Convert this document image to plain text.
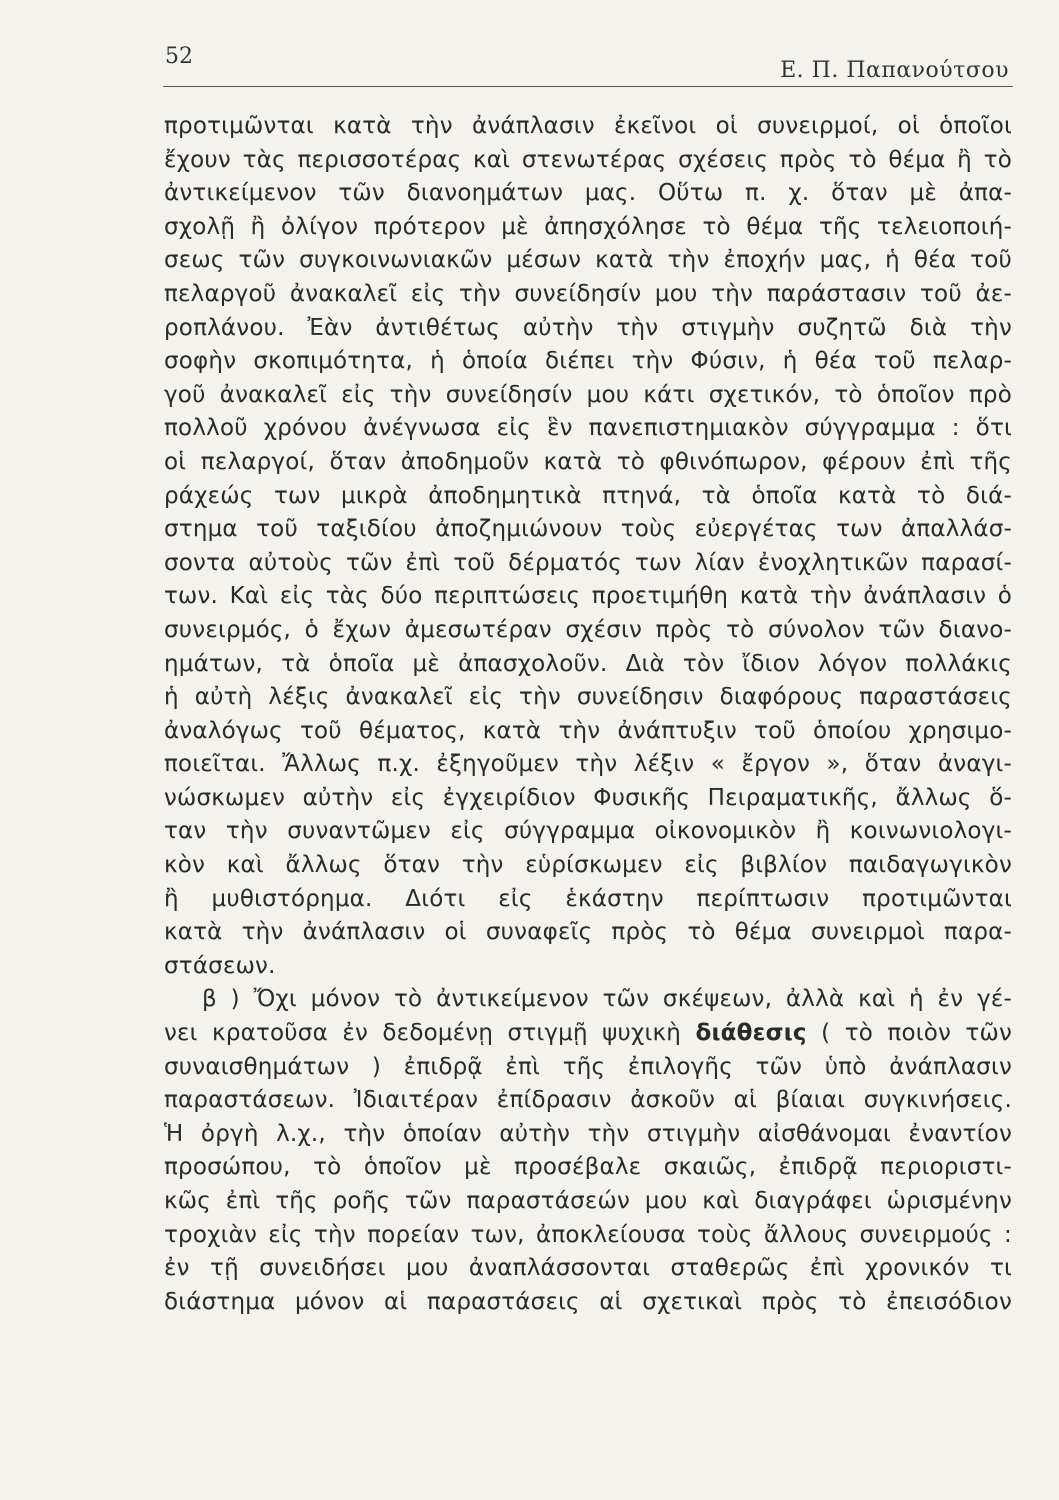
52
Ε. Π. Παπανούτσου
προτιμῶνται κατὰ τὴν ἀνάπλασιν ἐκεῖνοι οἱ συνειρμοί, οἱ ὁποῖοι
ἔχουν τὰς περισσοτέρας καὶ στενωτέρας σχέσεις πρὸς τὸ θέμα ἢ τὸ
ἀντικείμενον τῶν διανοημάτων μας. Οὕτω π. χ. ὅταν μὲ ἀπα-
σχολῇ ἢ ὀλίγον πρότερον μὲ ἀπησχόλησε τὸ θέμα τῆς τελειοποιή-
σεως τῶν συγκοινωνιακῶν μέσων κατὰ τὴν ἐποχήν μας, ἡ θέα τοῦ
πελαργοῦ ἀνακαλεῖ εἰς τὴν συνείδησίν μου τὴν παράστασιν τοῦ ἀε-
ροπλάνου. Ἐὰν ἀντιθέτως αὐτὴν τὴν στιγμὴν συζητῶ διὰ τὴν
σοφὴν σκοπιμότητα, ἡ ὁποία διέπει τὴν Φύσιν, ἡ θέα τοῦ πελαρ-
γοῦ ἀνακαλεῖ εἰς τὴν συνείδησίν μου κάτι σχετικόν, τὸ ὁποῖον πρὸ
πολλοῦ χρόνου ἀνέγνωσα εἰς ἓν πανεπιστημιακὸν σύγγραμμα : ὅτι
οἱ πελαργοί, ὅταν ἀποδημοῦν κατὰ τὸ φθινόπωρον, φέρουν ἐπὶ τῆς
ράχεώς των μικρὰ ἀποδημητικὰ πτηνά, τὰ ὁποῖα κατὰ τὸ διά-
στημα τοῦ ταξιδίου ἀποζημιώνουν τοὺς εὐεργέτας των ἀπαλλάσ-
σοντα αὐτοὺς τῶν ἐπὶ τοῦ δέρματός των λίαν ἐνοχλητικῶν παρασί-
των. Καὶ εἰς τὰς δύο περιπτώσεις προετιμήθη κατὰ τὴν ἀνάπλασιν ὁ
συνειρμός, ὁ ἔχων ἀμεσωτέραν σχέσιν πρὸς τὸ σύνολον τῶν διανο-
ημάτων, τὰ ὁποῖα μὲ ἀπασχολοῦν. Διὰ τὸν ἴδιον λόγον πολλάκις
ἡ αὐτὴ λέξις ἀνακαλεῖ εἰς τὴν συνείδησιν διαφόρους παραστάσεις
ἀναλόγως τοῦ θέματος, κατὰ τὴν ἀνάπτυξιν τοῦ ὁποίου χρησιμο-
ποιεῖται. Ἄλλως π.χ. ἐξηγοῦμεν τὴν λέξιν « ἔργον », ὅταν ἀναγι-
νώσκωμεν αὐτὴν εἰς ἐγχειρίδιον Φυσικῆς Πειραματικῆς, ἄλλως ὅ-
ταν τὴν συναντῶμεν εἰς σύγγραμμα οἰκονομικὸν ἢ κοινωνιολογι-
κὸν καὶ ἄλλως ὅταν τὴν εὑρίσκωμεν εἰς βιβλίον παιδαγωγικὸν
ἢ μυθιστόρημα. Διότι εἰς ἑκάστην περίπτωσιν προτιμῶνται
κατὰ τὴν ἀνάπλασιν οἱ συναφεῖς πρὸς τὸ θέμα συνειρμοὶ παρα-
στάσεων.
β ) Ὄχι μόνον τὸ ἀντικείμενον τῶν σκέψεων, ἀλλὰ καὶ ἡ ἐν γέ-
νει κρατοῦσα ἐν δεδομένῃ στιγμῇ ψυχικὴ διάθεσις ( τὸ ποιὸν τῶν
συναισθημάτων ) ἐπιδρᾷ ἐπὶ τῆς ἐπιλογῆς τῶν ὑπὸ ἀνάπλασιν
παραστάσεων. Ἰδιαιτέραν ἐπίδρασιν ἀσκοῦν αἱ βίαιαι συγκινήσεις.
Ἡ ὀργὴ λ.χ., τὴν ὁποίαν αὐτὴν τὴν στιγμὴν αἰσθάνομαι ἐναντίον
προσώπου, τὸ ὁποῖον μὲ προσέβαλε σκαιῶς, ἐπιδρᾷ περιοριστι-
κῶς ἐπὶ τῆς ροῆς τῶν παραστάσεών μου καὶ διαγράφει ὡρισμένην
τροχιὰν εἰς τὴν πορείαν των, ἀποκλείουσα τοὺς ἄλλους συνειρμούς :
ἐν τῇ συνειδήσει μου ἀναπλάσσονται σταθερῶς ἐπὶ χρονικόν τι
διάστημα μόνον αἱ παραστάσεις αἱ σχετικαὶ πρὸς τὸ ἐπεισόδιον
